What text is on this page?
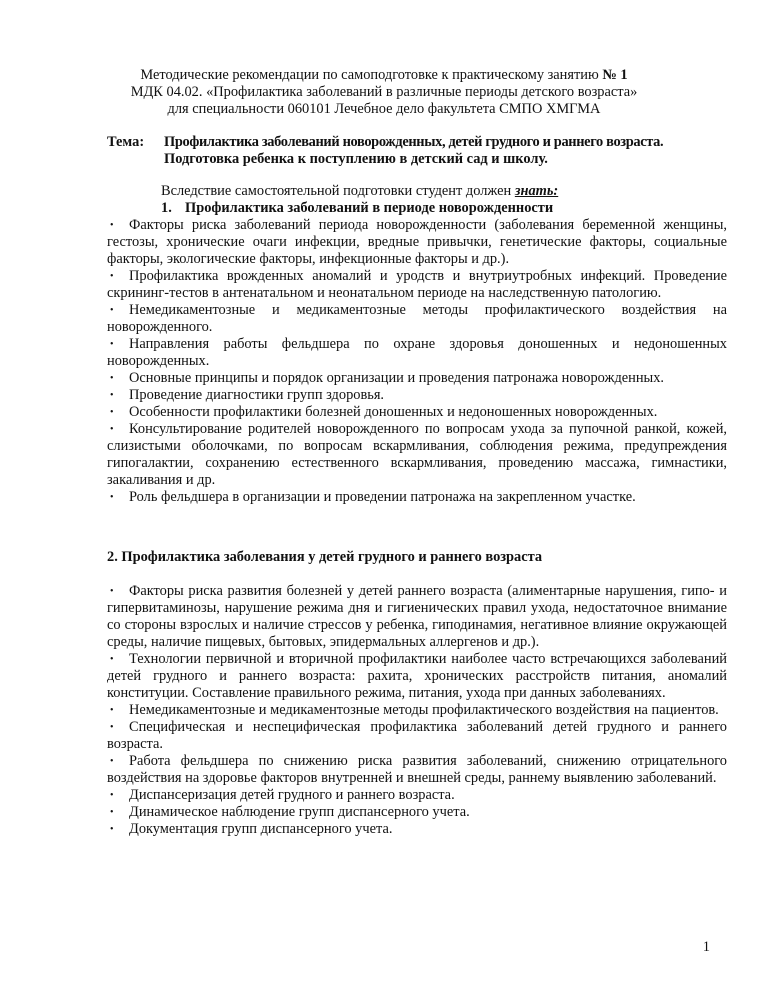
Методические рекомендации по самоподготовке к практическому занятию № 1
МДК 04.02. «Профилактика заболеваний в различные периоды детского возраста»
для специальности 060101 Лечебное дело факультета СМПО ХМГМА
Тема: Профилактика заболеваний новорожденных, детей грудного и раннего возраста.
Подготовка ребенка к поступлению в детский сад и школу.
Вследствие самостоятельной подготовки студент должен знать:
1. Профилактика заболеваний в периоде новорожденности
•	Факторы риска заболеваний периода новорожденности (заболевания беременной женщины, гестозы, хронические очаги инфекции, вредные привычки, генетические факторы, социальные факторы, экологические факторы, инфекционные факторы и др.).
•	Профилактика врожденных аномалий и уродств и внутриутробных инфекций. Проведение скрининг-тестов в антенатальном и неонатальном периоде на наследственную патологию.
•	Немедикаментозные и медикаментозные методы профилактического воздействия на новорожденного.
•	Направления работы фельдшера по охране здоровья доношенных и недоношенных новорожденных.
•	Основные принципы и порядок организации и проведения патронажа новорожденных.
•	Проведение диагностики групп здоровья.
•	Особенности профилактики болезней доношенных и недоношенных новорожденных.
•	Консультирование родителей новорожденного по вопросам ухода за пупочной ранкой, кожей, слизистыми оболочками, по вопросам вскармливания, соблюдения режима, предупреждения гипогалактии, сохранению естественного вскармливания, проведению массажа, гимнастики, закаливания и др.
•	Роль фельдшера в организации и проведении патронажа на закрепленном участке.
2. Профилактика заболевания у детей грудного и раннего возраста
•	Факторы риска развития болезней у детей раннего возраста (алиментарные нарушения, гипо- и гипервитаминозы, нарушение режима дня и гигиенических правил ухода, недостаточное внимание со стороны взрослых и наличие стрессов у ребенка, гиподинамия, негативное влияние окружающей среды, наличие пищевых, бытовых, эпидермальных аллергенов и др.).
•	Технологии первичной и вторичной профилактики наиболее часто встречающихся заболеваний детей грудного и раннего возраста: рахита, хронических расстройств питания, аномалий конституции. Составление правильного режима, питания, ухода при данных заболеваниях.
•	Немедикаментозные и медикаментозные методы профилактического воздействия на пациентов.
•	Специфическая и неспецифическая профилактика заболеваний детей грудного и раннего возраста.
•	Работа фельдшера по снижению риска развития заболеваний, снижению отрицательного воздействия на здоровье факторов внутренней и внешней среды, раннему выявлению заболеваний.
•	Диспансеризация детей грудного и раннего возраста.
•	Динамическое наблюдение групп диспансерного учета.
•	Документация групп диспансерного учета.
1
